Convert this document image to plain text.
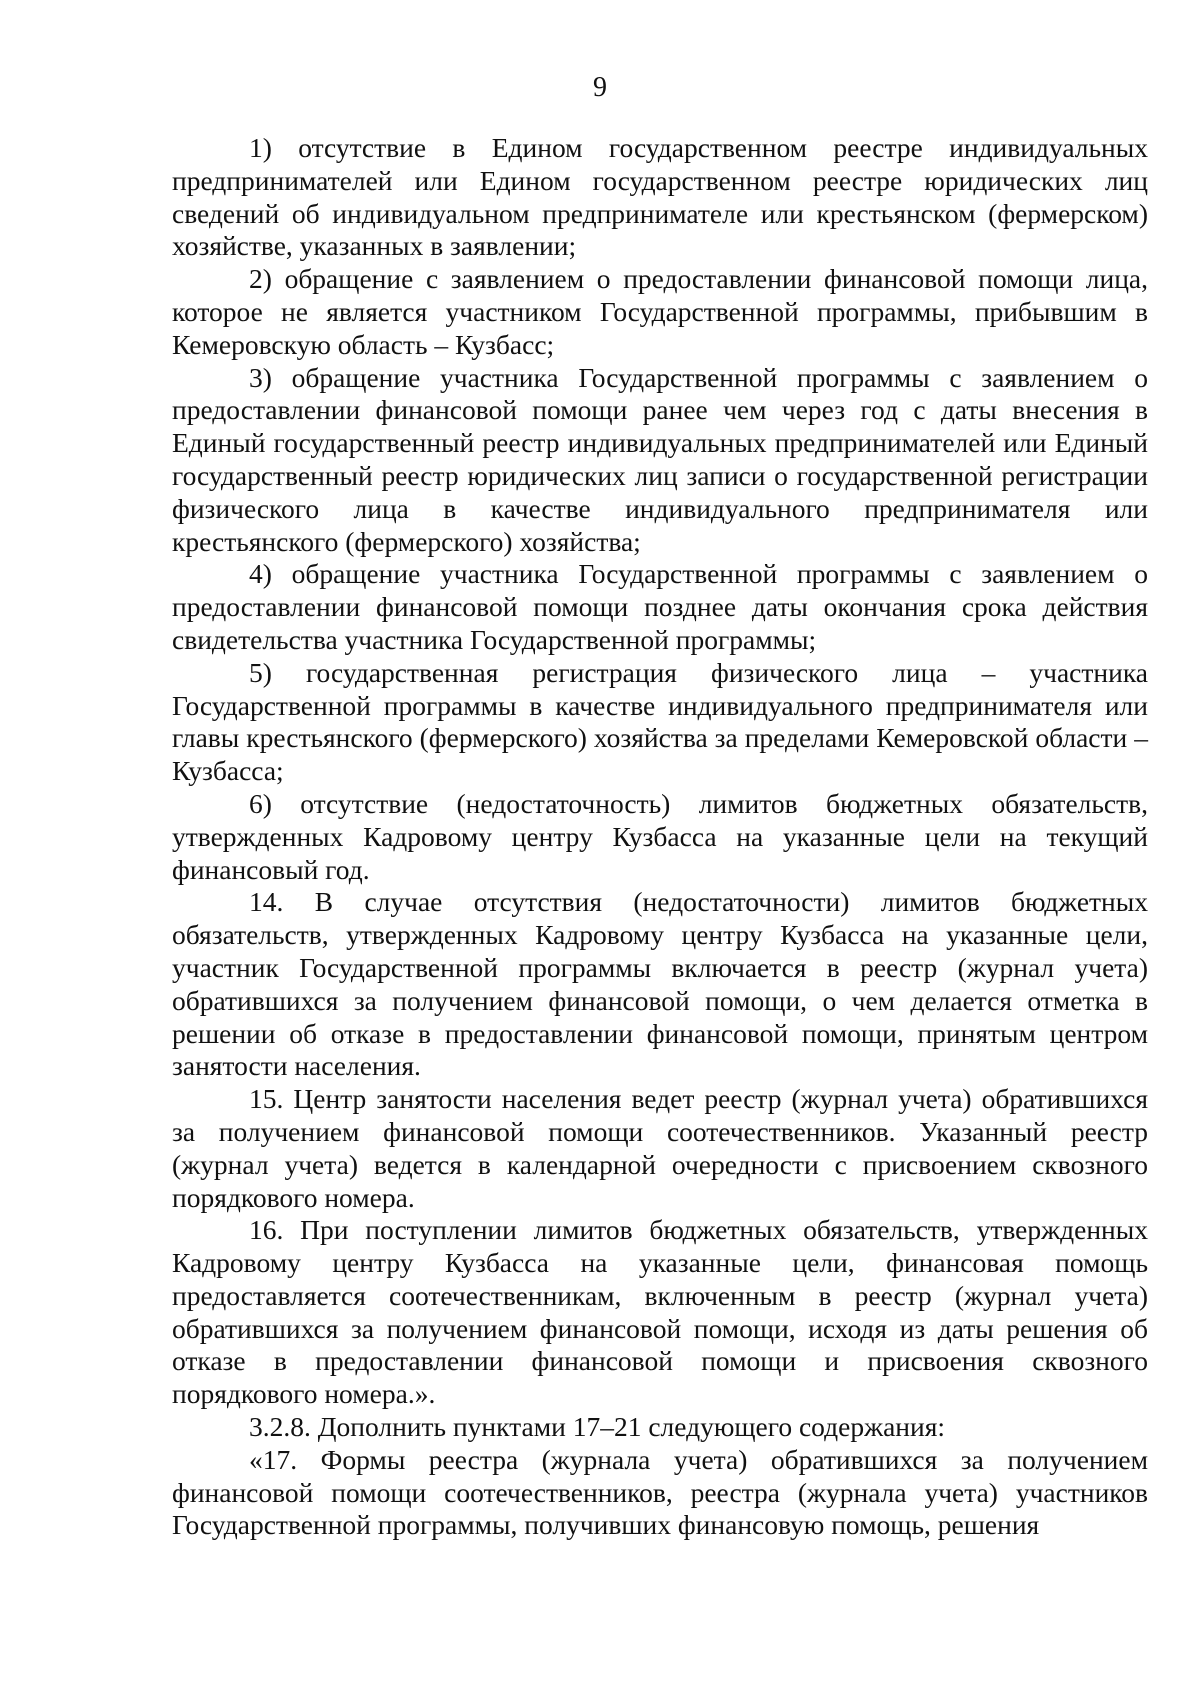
9

1) отсутствие в Едином государственном реестре индивидуальных предпринимателей или Едином государственном реестре юридических лиц сведений об индивидуальном предпринимателе или крестьянском (фермерском) хозяйстве, указанных в заявлении;

2) обращение с заявлением о предоставлении финансовой помощи лица, которое не является участником Государственной программы, прибывшим в Кемеровскую область – Кузбасс;

3) обращение участника Государственной программы с заявлением о предоставлении финансовой помощи ранее чем через год с даты внесения в Единый государственный реестр индивидуальных предпринимателей или Единый государственный реестр юридических лиц записи о государственной регистрации физического лица в качестве индивидуального предпринимателя или крестьянского (фермерского) хозяйства;

4) обращение участника Государственной программы с заявлением о предоставлении финансовой помощи позднее даты окончания срока действия свидетельства участника Государственной программы;

5) государственная регистрация физического лица – участника Государственной программы в качестве индивидуального предпринимателя или главы крестьянского (фермерского) хозяйства за пределами Кемеровской области – Кузбасса;

6) отсутствие (недостаточность) лимитов бюджетных обязательств, утвержденных Кадровому центру Кузбасса на указанные цели на текущий финансовый год.

14. В случае отсутствия (недостаточности) лимитов бюджетных обязательств, утвержденных Кадровому центру Кузбасса на указанные цели, участник Государственной программы включается в реестр (журнал учета) обратившихся за получением финансовой помощи, о чем делается отметка в решении об отказе в предоставлении финансовой помощи, принятым центром занятости населения.

15. Центр занятости населения ведет реестр (журнал учета) обратившихся за получением финансовой помощи соотечественников. Указанный реестр (журнал учета) ведется в календарной очередности с присвоением сквозного порядкового номера.

16. При поступлении лимитов бюджетных обязательств, утвержденных Кадровому центру Кузбасса на указанные цели, финансовая помощь предоставляется соотечественникам, включенным в реестр (журнал учета) обратившихся за получением финансовой помощи, исходя из даты решения об отказе в предоставлении финансовой помощи и присвоения сквозного порядкового номера.».

3.2.8. Дополнить пунктами 17–21 следующего содержания:

«17. Формы реестра (журнала учета) обратившихся за получением финансовой помощи соотечественников, реестра (журнала учета) участников Государственной программы, получивших финансовую помощь, решения
